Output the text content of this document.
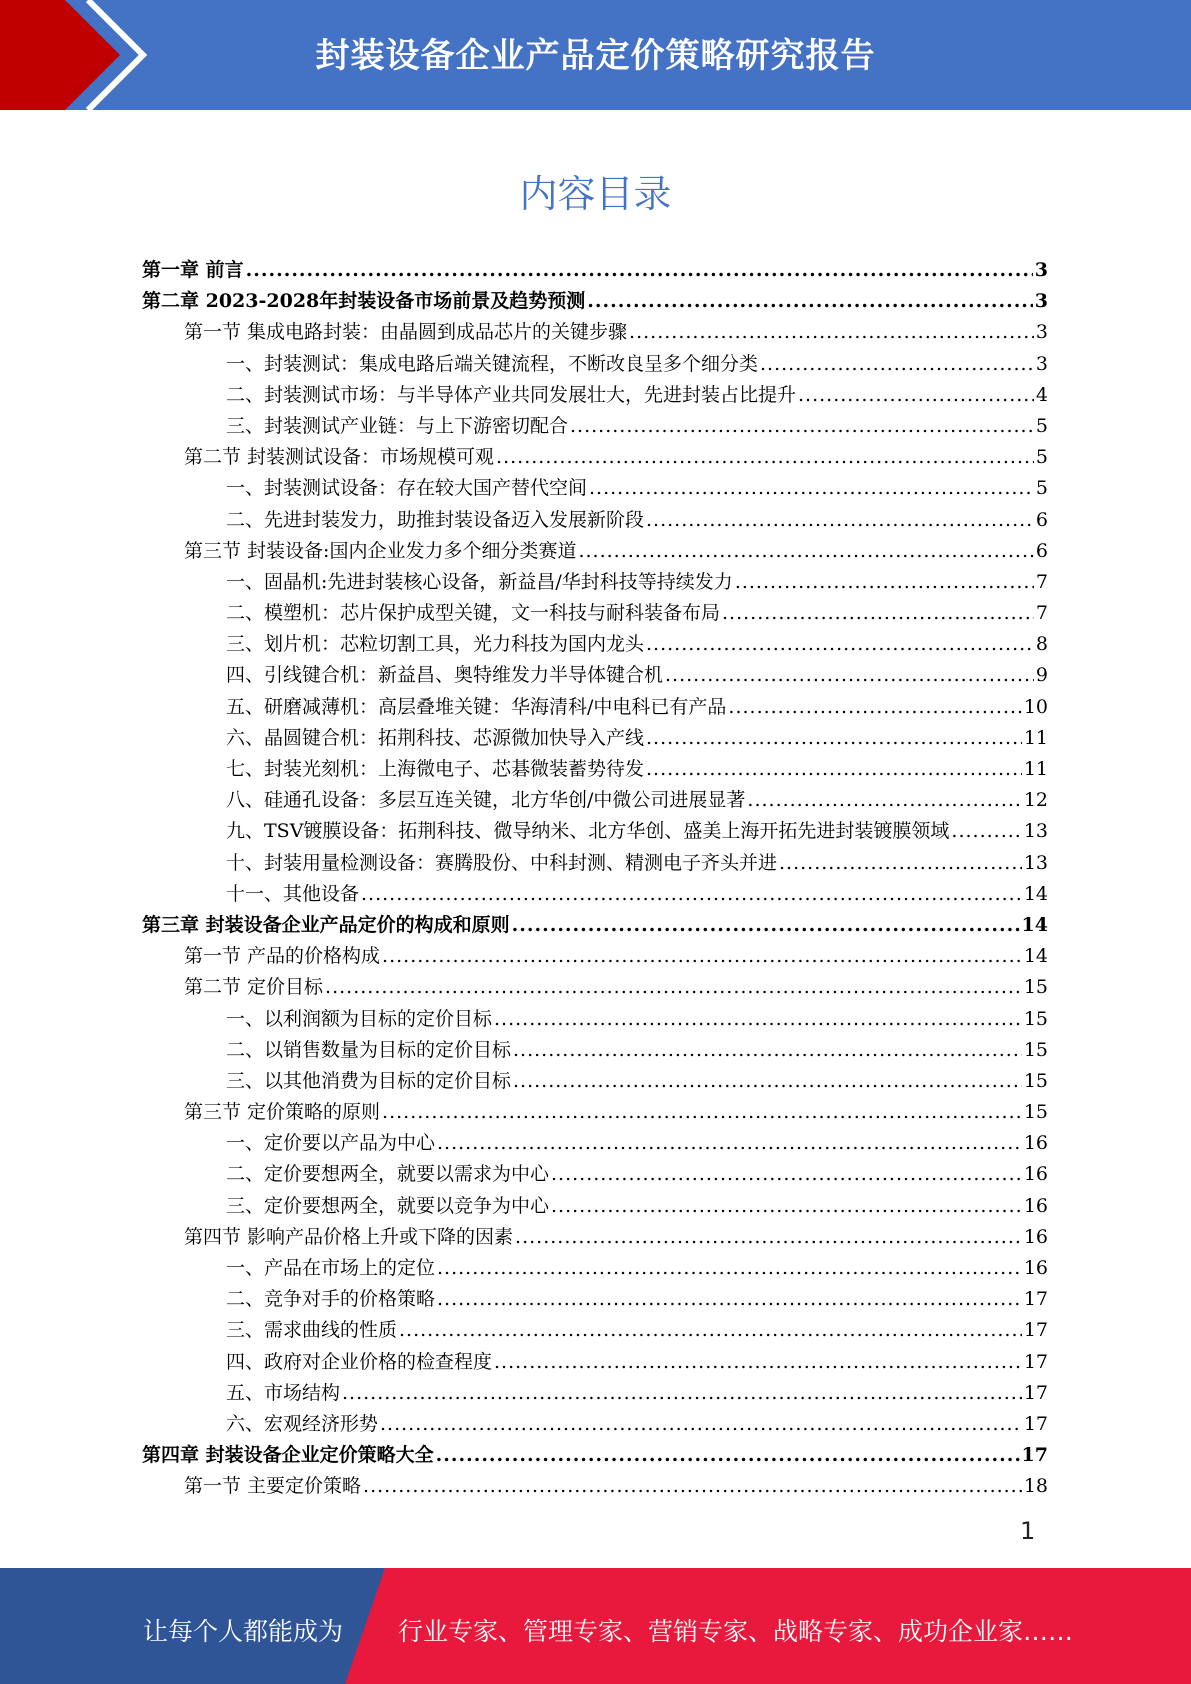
封装设备企业产品定价策略研究报告
内容目录
第一章 前言 .....	3
第二章 2023-2028年封装设备市场前景及趋势预测 .....	3
第一节 集成电路封装：由晶圆到成品芯片的关键步骤 .....	3
一、封装测试：集成电路后端关键流程，不断改良呈多个细分类 .....	3
二、封装测试市场：与半导体产业共同发展壮大，先进封装占比提升 .....	4
三、封装测试产业链：与上下游密切配合 .....	5
第二节 封装测试设备：市场规模可观 .....	5
一、封装测试设备：存在较大国产替代空间 .....	5
二、先进封装发力，助推封装设备迈入发展新阶段 .....	6
第三节 封装设备:国内企业发力多个细分类赛道 .....	6
一、固晶机:先进封装核心设备，新益昌/华封科技等持续发力 .....	7
二、模塑机：芯片保护成型关键，文一科技与耐科装备布局 .....	7
三、划片机：芯粒切割工具，光力科技为国内龙头 .....	8
四、引线键合机：新益昌、奥特维发力半导体键合机 .....	9
五、研磨减薄机：高层叠堆关键：华海清科/中电科已有产品 .....	10
六、晶圆键合机：拓荆科技、芯源微加快导入产线 .....	11
七、封装光刻机：上海微电子、芯碁微装蓄势待发 .....	11
八、硅通孔设备：多层互连关键，北方华创/中微公司进展显著 .....	12
九、TSV镀膜设备：拓荆科技、微导纳米、北方华创、盛美上海开拓先进封装镀膜领域 .....	13
十、封装用量检测设备：赛腾股份、中科封测、精测电子齐头并进 .....	13
十一、其他设备 .....	14
第三章 封装设备企业产品定价的构成和原则 .....	14
第一节 产品的价格构成 .....	14
第二节 定价目标 .....	15
一、以利润额为目标的定价目标 .....	15
二、以销售数量为目标的定价目标 .....	15
三、以其他消费为目标的定价目标 .....	15
第三节 定价策略的原则 .....	15
一、定价要以产品为中心 .....	16
二、定价要想两全，就要以需求为中心 .....	16
三、定价要想两全，就要以竞争为中心 .....	16
第四节 影响产品价格上升或下降的因素 .....	16
一、产品在市场上的定位 .....	16
二、竞争对手的价格策略 .....	17
三、需求曲线的性质 .....	17
四、政府对企业价格的检查程度 .....	17
五、市场结构 .....	17
六、宏观经济形势 .....	17
第四章 封装设备企业定价策略大全 .....	17
第一节 主要定价策略 .....	18
1
让每个人都能成为 行业专家、管理专家、营销专家、战略专家、成功企业家……
